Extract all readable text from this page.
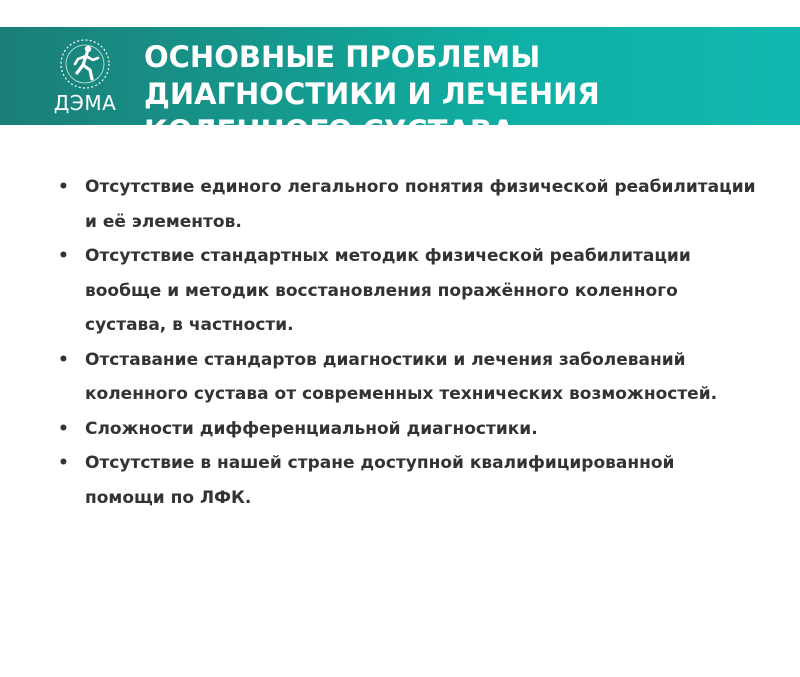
ДЭМА
ОСНОВНЫЕ ПРОБЛЕМЫ
ДИАГНОСТИКИ И ЛЕЧЕНИЯ
КОЛЕННОГО СУСТАВА
• Отсутствие единого легального понятия физической реабилитации и её элементов.
• Отсутствие стандартных методик физической реабилитации вообще и методик восстановления поражённого коленного сустава, в частности.
• Отставание стандартов диагностики и лечения заболеваний коленного сустава от современных технических возможностей.
• Сложности дифференциальной диагностики.
• Отсутствие в нашей стране доступной квалифицированной помощи по ЛФК.
